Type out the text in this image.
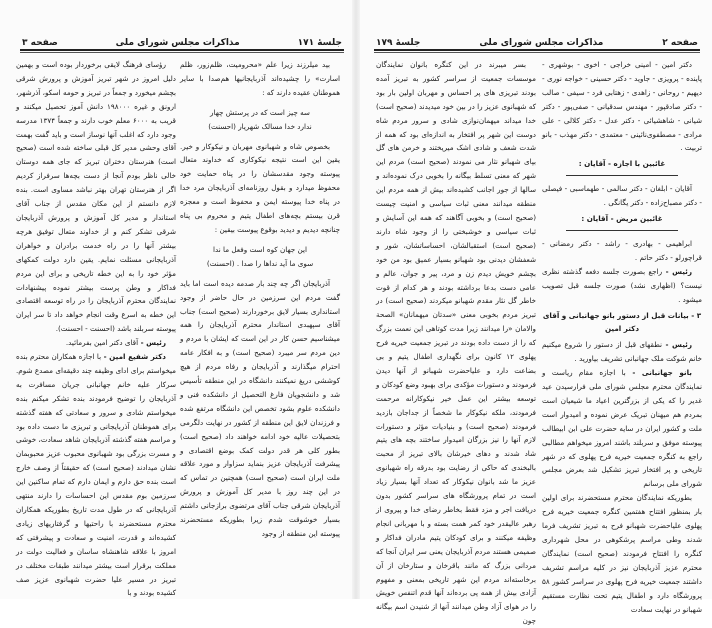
جلسهٔ ۱۷۱
مذاکرات مجلس شورای ملی
صفحه ۳

بید میلرزند زیرا علم «محرومیت، ظلم‌زور، ظلم اسارت» را چشیده‌اند آذربایجانیها هم‌صدا با سایر هموطنان عقیده دارند که :

سه چیز است که در پرستش چهار
ندارد خدا مسالک شهریار (احسنت)

بخصوص شاه و شهبانوی مهربان و نیکوکار و خیر. یقین این است نتیجه نیکوکاری که خداوند متعال پیوسته وجود مقدسشان را در پناه حمایت خود محفوظ میدارد و بقول روزنامه‌ای آذربایجان مرد خدا در پناه خدا پیوسته ایمن و محفوظ است و معجزه قرن بیستم بچه‌های اطفال یتیم و محروم بی پناه چنانچه دیدیم و دیدید بوقوع پیوست بیقین :

این جهان کوه است وفعل ما ندا
سوی ما آید نداها را صدا . (احسنت)

آذربایجان اگر چه چند بار صدمه دیده است اما باید گفت مردم این سرزمین در حال حاضر از وجود استانداری بسیار لایق برخوردارند (صحیح است) جناب آقای سپهبدی استاندار محترم آذربایجان را همه میشناسیم حسن کار در این است که ایشان با مردم و دین مردم سر میبرد (صحیح است) و به افکار عامه احترام میگذارند و آذربایجان و رفاه مردم از هیچ کوششی دریغ نمیکنند دانشگاه در این منطقه تأسیس شد و دانشجویان فارغ التحصیل از دانشکده فنی و دانشکده علوم بشود تخصص این دانشگاه مرتفع شده و فرزندان لایق این منطقه از کشور در نهایت دلگرمی بتحصیلات عالیه خود ادامه خواهند داد (صحیح است) بطور کلی هر قدر دولت کمک بوضع اقتصادی و پیشرفت آذربایجان عزیز بنماید سزاوار و مورد علاقه ملت ایران است (صحیح است) همچنین در تماس که در این چند روز با مدیر کل آموزش و پرورش آذربایجان شرقی جناب آقای مرتضوی برازجانی داشتم بسیار خوشوقت شدم زیرا بطوریکه مستحضرند پیوسته این منطقه از وجود

رؤسای فرهنگ لایقی برخوردار بوده است و بهمین دلیل امروز در شهر تبریز آموزش و پرورش شرقی بچشم میخورد و جمعاً در تبریز و حومه اسکو، آذرشهر، ارونق و غیره ۱۹۸۰۰۰ دانش آموز تحصیل میکنند و قریب به ۶۰۰۰ معلم خوب دارند و جمعاً ۱۳۷۴ مدرسه وجود دارد که اغلب آنها نوساز است و باید گفت بهمت آقای وحشی مدیر کل قبلی ساخته شده است (صحیح است) هنرستان دختران تبریز که جای همه دوستان خالی ناظر بودم آنجا از دست بچه‌ها سرفراز کردیم اگر از هنرستان تهران بهتر نباشد مساوی است. بنده لازم دانستم از این مکان مقدس از جناب آقای استاندار و مدیر کل آموزش و پرورش آذربایجان شرقی تشکر کنم و از خداوند متعال توفیق هرچه بیشتر آنها را در راه خدمت برادران و خواهران آذربایجانی مسئلت نمایم. یقین دارد دولت کمکهای مؤثر خود را به این خطه تاریخی و برای این مردم فداکار و وطن پرست بیشتر نموده پیشنهادات نمایندگان محترم آذربایجان را در راه توسعه اقتصادی این خطه به اسرع وقت انجام خواهد داد تا سر ایران پیوسته سربلند باشد (احسنت - احسنت).

رئیس - آقای دکتر امین بفرمائید.

دکتر شفیع امین - با اجازه همکاران محترم بنده میخواستم برای ادای وظیفه چند دقیقه‌ای مصدع شوم. سرکار علیه خانم جهانبانی جریان مسافرت به آذربایجان را توضیح فرمودند بنده تشکر میکنم بنده میخواستم شادی و سرور و سعادتی که هفته گذشته برای هموطنان آذربایجانی و تبریزی ما دست داده بود و مراسم هفته گذشته آذربایجان شاهد سعادت، خوشی و مسرت بزرگی بود شهبانوی محبوب عزیز محبوبمان نشان میدادند (صحیح است) که حقیقتاً از وصف خارج است بنده حق دارم و ایمان دارم که تمام ساکنین این سرزمین بوم مقدس این احساسات را دارند منتهی آذربایجانی که در طول مدت تاریخ بطوریکه همکاران محترم مستحضرند با راحتیها و گرفتاریهای زیادی کشیده‌اند و قدرت، امنیت و سعادت و پیشرفتی که امروز با علاقه شاهنشاه ساسان و فعالیت دولت در مملکت برقرار است بیشتر میدانند طبقات مختلف در تبریز در مسیر علیا حضرت شهبانوی عزیز صف کشیده بودند و با

صفحه ۲
مذاکرات مجلس شورای ملی
جلسهٔ ۱۷۹

دکتر امین - امینی خراجی - اخوی - بوشهری - پاینده - پرویزی - جاوید - دکتر حسینی - خواجه نوری - دیهیم - روحانی - زاهدی - زهتابی فرد - سیفی - صالب - دکتر صادقپور - مهندس سدقیانی - صفی‌پور - دکتر شیانی - شاهشیائی - دکتر عدل - دکتر کلالی - علی مرادی - مصطفوی‌نائینی - معتمدی - دکتر مهذب - بانو تربیت .

غائبین با اجازه - آقایان :

آقایان - ابلغان - دکتر سالمی - طهماسبی - فیصلی - دکتر مصباح‌زاده - دکتر یگانگی .

غائبین مریض - آقایان :

ابراهیمی - بهادری - راشد - دکتر رمضانی - قراچورلو - دکتر حاتم .

رئیس - راجع بصورت جلسه دفعه گذشته نظری نیست؟ (اظهاری نشد) صورت جلسه قبل تصویب میشود .

۳ - بیانات قبل از دستور بانو جهانبانی و آقای دکتر امین

رئیس - نطقهای قبل از دستور را شروع میکنیم خانم شوکت ملک جهانبانی تشریف بیاورید .

بانو جهانبانی - با اجازه مقام ریاست و نمایندگان محترم مجلس شورای ملی فرارسیدن عید غدیر را که یکی از بزرگترین اعیاد ما شیعیان است بمردم هم میهنان تبریک عرض نموده و امیدوار است ملت و کشور ایران در سایه حضرت علی ابن ابیطالب پیوسته موفق و سربلند باشند امروز میخواهم مطالبی راجع به کنگره جمعیت خیریه فرح پهلوی که در شهر تاریخی و پر افتخار تبریز تشکیل شد بعرض مجلس شورای ملی برسانم

بطوریکه نمایندگان محترم مستحضرند برای اولین بار بمنظور افتتاح هفتمین کنگره جمعیت خیریه فرح پهلوی علیاحضرت شهبانو فرح به تبریز تشریف فرما شدند وطی مراسم پرشکوهی در محل شهرداری کنگره را افتتاح فرمودند (صحیح است) نمایندگان محترم عزیز آذربایجان نیز در کلیه مراسم تشریف داشتند جمعیت خیریه فرح پهلوی در سراسر کشور ۵۸ پرورشگاه دارد و اطفال یتیم تحت نظارت مستقیم شهبانو در نهایت سعادت

بسر میبرند در این کنگره بانوان نمایندگان موسسات جمعیت از سراسر کشور به تبریز آمده بودند تبریزی های پر احساس و مهربان اولین بار بود که شهبانوی عزیز را در بین خود میدیدند (صحیح است) خدا میداند میهمان‌نوازی شادی و سرور مردم شاه دوست این شهر پر افتخار به اندازه‌ای بود که همه از شدت شعف و شادی اشک میریختند و خرمن های گل بپای شهبانو نثار می نمودند (صحیح است) مردم این شهر که معنی تسلط بیگانه را بخوبی درک نموده‌اند و سالها از جور اجانب کشیده‌اند بیش از همه مردم این منطقه میدانند معنی ثبات سیاسی و امنیت چیست (صحیح است) و بخوبی آگاهند که همه این آسایش و ثبات سیاسی و خوشبختی را از وجود شاه دارند (صحیح است) استقبالشان، احساساتشان، شور و شعفشان دیدنی بود شهبانو بسیار عمیق بود من خود بچشم خویش دیدم زن و مرد، پیر و جوان، عالم و عامی دست بدعا برداشته بودند و هر کدام از قوت خاطر گل نثار مقدم شهبانو میکردند (صحیح است) در تبریز مردم بخوبی معنی «سدتان میهمانان» الصحة والامان «را میدانند زیرا مدت کوتاهی این نعمت بزرگ که را از دست داده بودند در تبریز جمعیت خیریه فرح پهلوی ۱۲ کانون برای نگهداری اطفال یتیم و بی بضاعت دارد و علیاحضرت شهبانو از آنها دیدن فرمودند و دستورات مؤکدی برای بهبود وضع کودکان و توسعه بیشتر این عمل خیر نیکوکارانه مرحمت فرمودند، ملکه نیکوکار ما شخصاً از جداجان بازدید فرمودند (صحیح است) و بنیادیات مؤثر و دستورات لازم آنها را نیز بزرگان امیدوار ساختند بچه های یتیم شاد شدند و دهای خیرشان بالای تبریز از محبت بالبخندی که حاکی از رضایت بود بدرقه راه شهبانوی عزیز ما شد بانوان نیکوکار که تعداد آنها بسیار زیاد است در تمام پرورشگاه های سراسر کشور بدون دریافت اجر و مزد فقط بخاطر رضای خدا و پیروی از رهبر عالیقدر خود کمر همت بسته و با مهربانی انجام وظیفه میکنند و برای کودکان یتیم مادران فداکار و صمیمی هستند مردم آذربایجان یعنی سر ایران آنجا که مردانی بزرگ که مانند باقرخان و ستارخان از آن برخاسته‌اند مردم این شهر تاریخی بمعنی و مفهوم آزادی بیش از همه پی برده‌اند آنها قدم اتنفس خویش را در هوای آزاد وطن میدانند آنها از شنیدن اسم بیگانه چون
